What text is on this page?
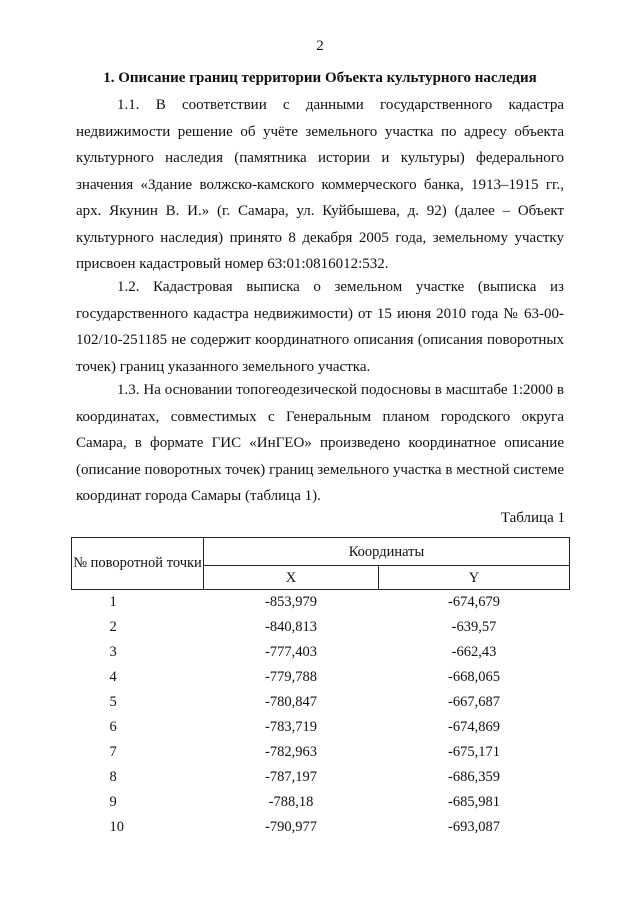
2
1. Описание границ территории Объекта культурного наследия

1.1. В соответствии с данными государственного кадастра недвижимости решение об учёте земельного участка по адресу объекта культурного наследия (памятника истории и культуры) федерального значения «Здание волжско-камского коммерческого банка, 1913–1915 гг., арх. Якунин В. И.» (г. Самара, ул. Куйбышева, д. 92) (далее – Объект культурного наследия) принято 8 декабря 2005 года, земельному участку присвоен кадастровый номер 63:01:0816012:532.

1.2. Кадастровая выписка о земельном участке (выписка из государственного кадастра недвижимости) от 15 июня 2010 года № 63-00-102/10-251185 не содержит координатного описания (описания поворотных точек) границ указанного земельного участка.

1.3. На основании топогеодезической подосновы в масштабе 1:2000 в координатах, совместимых с Генеральным планом городского округа Самара, в формате ГИС «ИнГЕО» произведено координатное описание (описание поворотных точек) границ земельного участка в местной системе координат города Самары (таблица 1).

Таблица 1
№ поворотной точки	Координаты	
	X	Y
1	-853,979	-674,679
2	-840,813	-639,57
3	-777,403	-662,43
4	-779,788	-668,065
5	-780,847	-667,687
6	-783,719	-674,869
7	-782,963	-675,171
8	-787,197	-686,359
9	-788,18	-685,981
10	-790,977	-693,087
